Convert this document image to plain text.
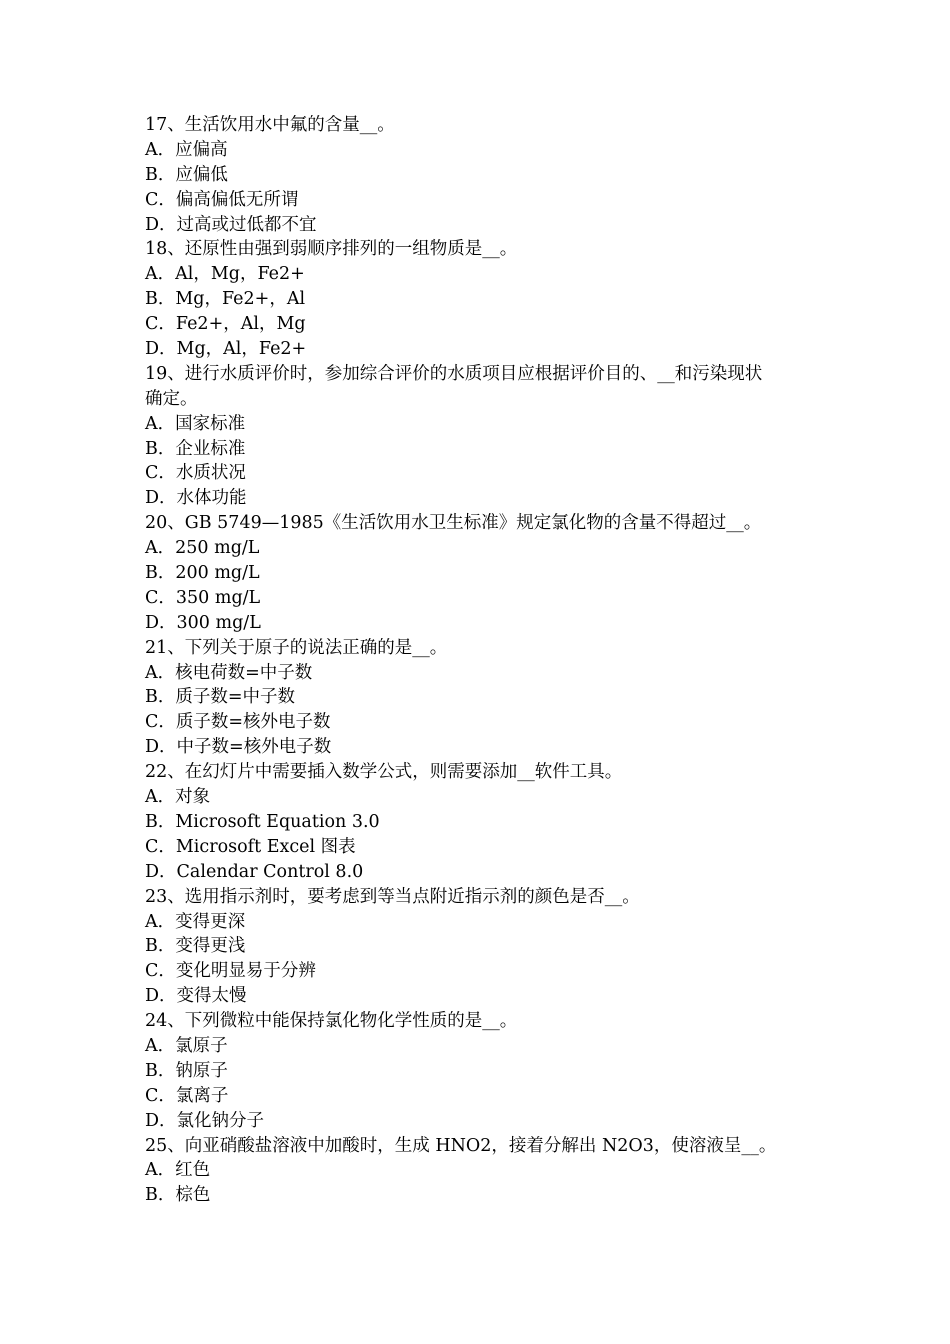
17、生活饮用水中氟的含量__。
A．应偏高
B．应偏低
C．偏高偏低无所谓
D．过高或过低都不宜
18、还原性由强到弱顺序排列的一组物质是__。
A．Al，Mg，Fe2+
B．Mg，Fe2+，Al
C．Fe2+，Al，Mg
D．Mg，Al，Fe2+
19、进行水质评价时，参加综合评价的水质项目应根据评价目的、__和污染现状
确定。
A．国家标准
B．企业标准
C．水质状况
D．水体功能
20、GB 5749—1985《生活饮用水卫生标准》规定氯化物的含量不得超过__。
A．250 mg/L
B．200 mg/L
C．350 mg/L
D．300 mg/L
21、下列关于原子的说法正确的是__。
A．核电荷数=中子数
B．质子数=中子数
C．质子数=核外电子数
D．中子数=核外电子数
22、在幻灯片中需要插入数学公式，则需要添加__软件工具。
A．对象
B．Microsoft Equation 3.0
C．Microsoft Excel 图表
D．Calendar Control 8.0
23、选用指示剂时，要考虑到等当点附近指示剂的颜色是否__。
A．变得更深
B．变得更浅
C．变化明显易于分辨
D．变得太慢
24、下列微粒中能保持氯化物化学性质的是__。
A．氯原子
B．钠原子
C．氯离子
D．氯化钠分子
25、向亚硝酸盐溶液中加酸时，生成 HNO2，接着分解出 N2O3，使溶液呈__。
A．红色
B．棕色
